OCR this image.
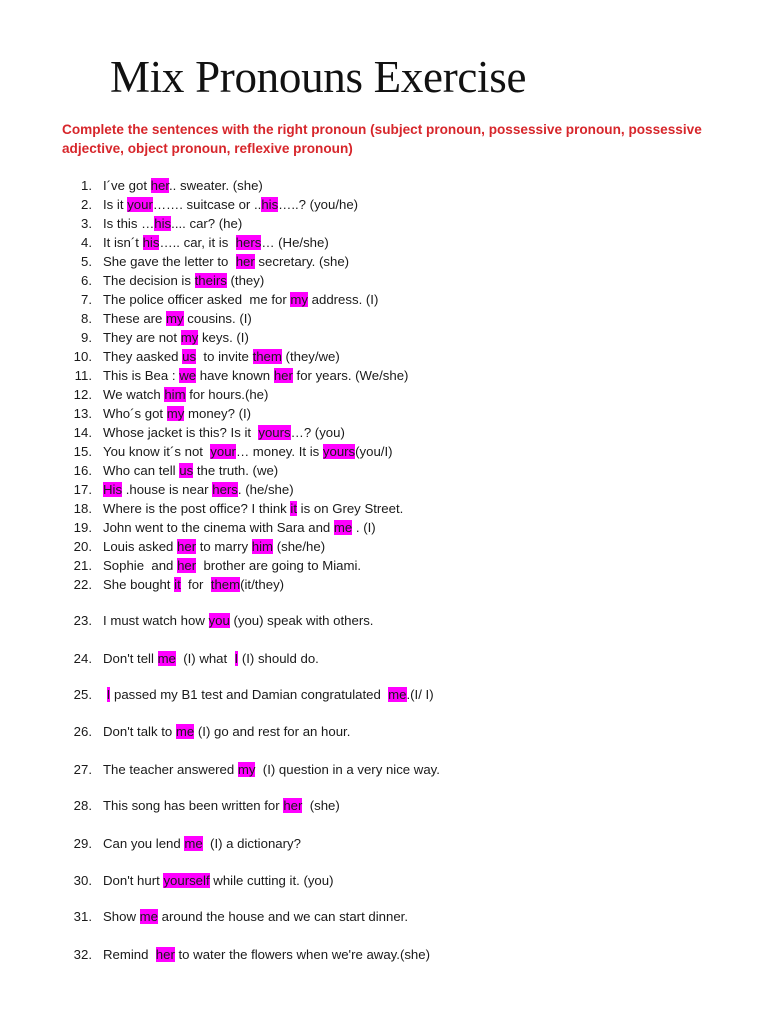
Mix Pronouns Exercise
Complete the sentences with the right pronoun (subject pronoun, possessive pronoun, possessive adjective, object pronoun, reflexive pronoun)
1. I´ve got her.. sweater. (she)
2. Is it your……. suitcase or ..his…..? (you/he)
3. Is this …his.... car? (he)
4. It isn´t his….. car, it is  hers… (He/she)
5. She gave the letter to  her secretary. (she)
6. The decision is theirs (they)
7. The police officer asked  me for my address. (I)
8. These are my cousins. (I)
9. They are not my keys. (I)
10. They aasked us  to invite them (they/we)
11. This is Bea : we have known her for years. (We/she)
12. We watch him for hours.(he)
13. Who´s got my money? (I)
14. Whose jacket is this? Is it  yours…? (you)
15. You know it´s not  your… money. It is yours(you/I)
16. Who can tell us the truth. (we)
17. His .house is near hers. (he/she)
18. Where is the post office? I think it is on Grey Street.
19. John went to the cinema with Sara and me . (I)
20. Louis asked her to marry him (she/he)
21. Sophie  and her  brother are going to Miami.
22. She bought it  for  them(it/they)
23. I must watch how you (you) speak with others.
24. Don't tell me  (I) what  I (I) should do.
25. I passed my B1 test and Damian congratulated  me.(I/ I)
26. Don't talk to me (I) go and rest for an hour.
27. The teacher answered my  (I) question in a very nice way.
28. This song has been written for her  (she)
29. Can you lend me  (I) a dictionary?
30. Don't hurt yourself while cutting it. (you)
31. Show me around the house and we can start dinner.
32. Remind  her to water the flowers when we're away.(she)
